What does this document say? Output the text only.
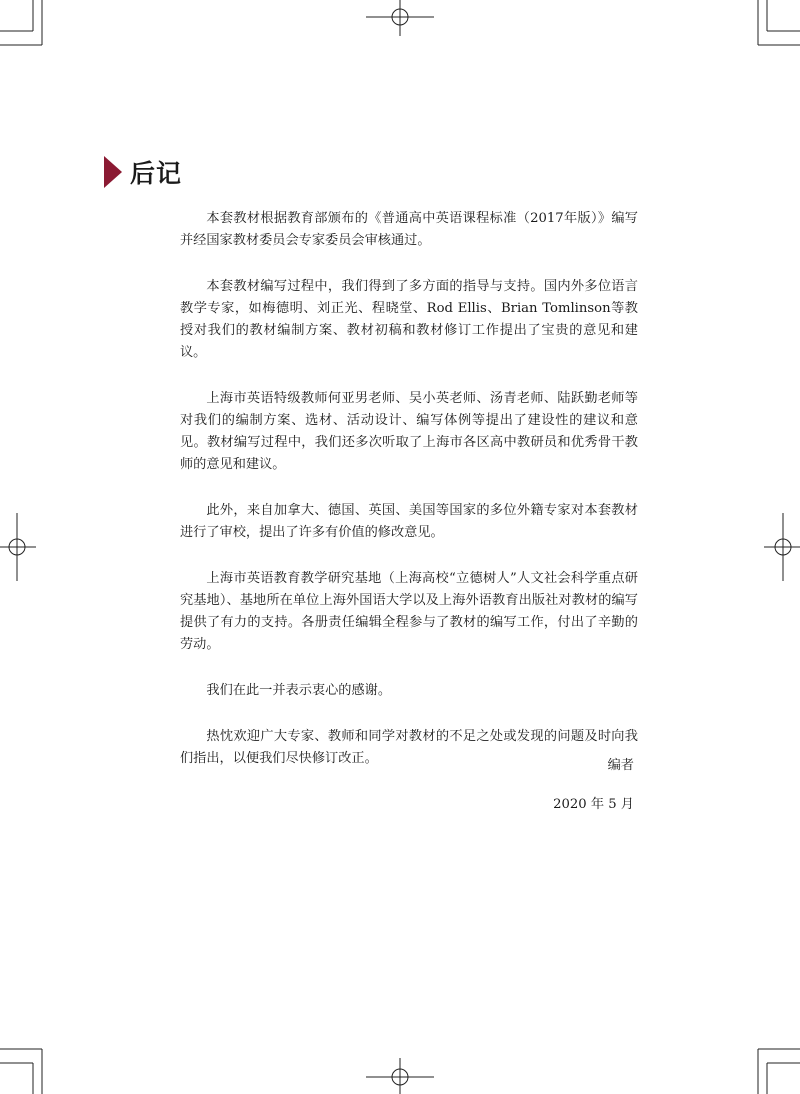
后记

本套教材根据教育部颁布的《普通高中英语课程标准（2017年版）》编写并经国家教材委员会专家委员会审核通过。

本套教材编写过程中，我们得到了多方面的指导与支持。国内外多位语言教学专家，如梅德明、刘正光、程晓堂、Rod Ellis、Brian Tomlinson等教授对我们的教材编制方案、教材初稿和教材修订工作提出了宝贵的意见和建议。

上海市英语特级教师何亚男老师、吴小英老师、汤青老师、陆跃勤老师等对我们的编制方案、选材、活动设计、编写体例等提出了建设性的建议和意见。教材编写过程中，我们还多次听取了上海市各区高中教研员和优秀骨干教师的意见和建议。

此外，来自加拿大、德国、英国、美国等国家的多位外籍专家对本套教材进行了审校，提出了许多有价值的修改意见。

上海市英语教育教学研究基地（上海高校“立德树人”人文社会科学重点研究基地）、基地所在单位上海外国语大学以及上海外语教育出版社对教材的编写提供了有力的支持。各册责任编辑全程参与了教材的编写工作，付出了辛勤的劳动。

我们在此一并表示衷心的感谢。

热忱欢迎广大专家、教师和同学对教材的不足之处或发现的问题及时向我们指出，以便我们尽快修订改正。	编者
2020 年 5 月
